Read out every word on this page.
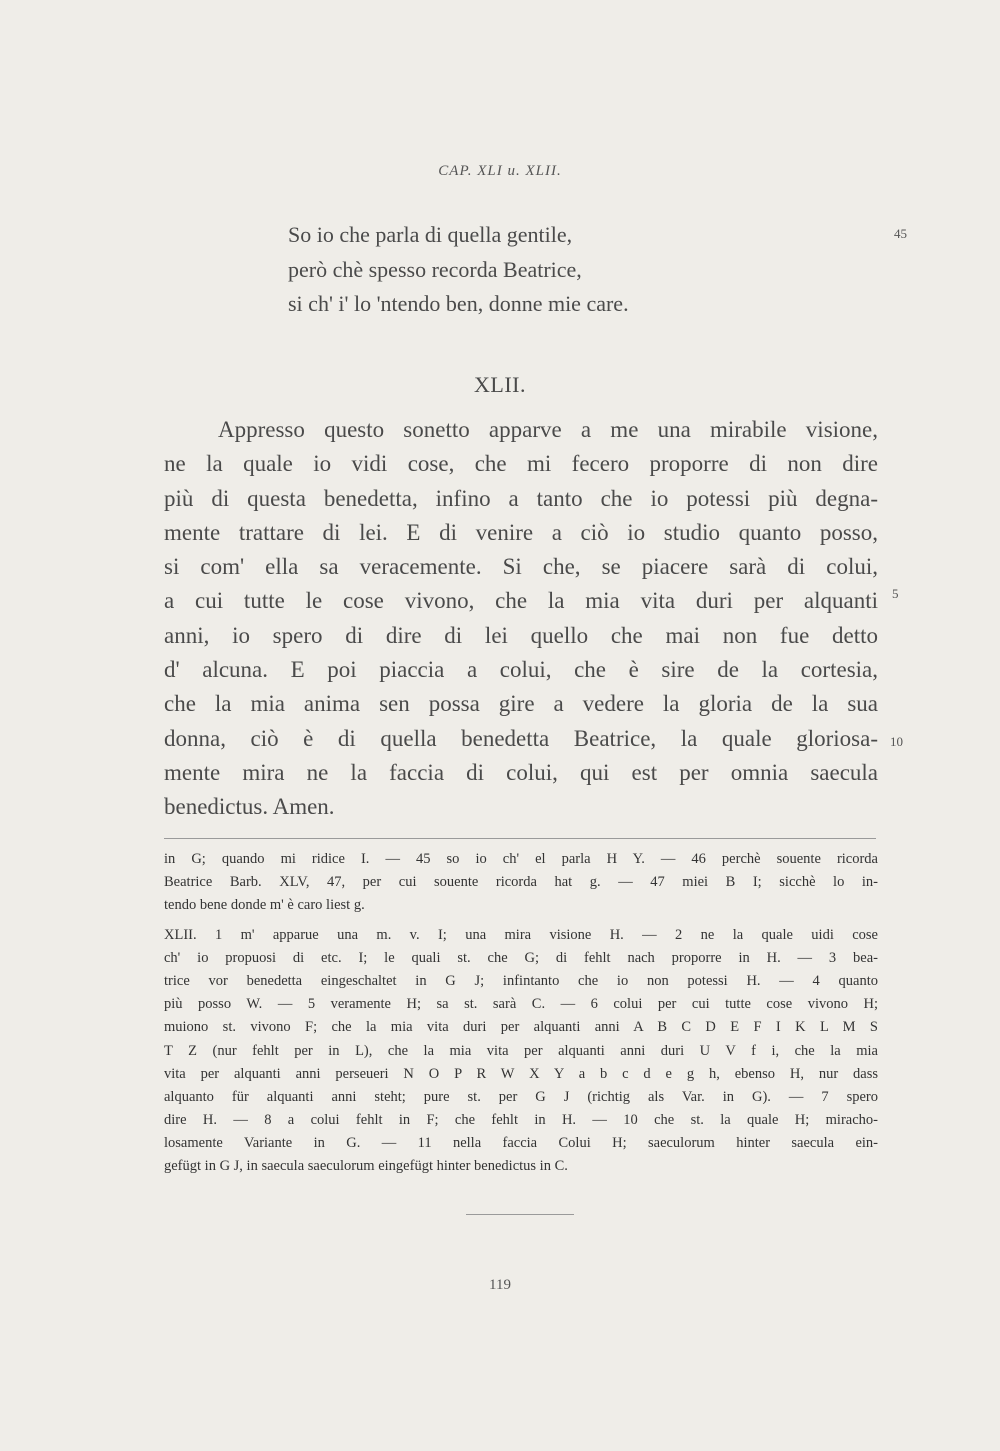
CAP. XLI u. XLII.
So io che parla di quella gentile,
però chè spesso recorda Beatrice,
si ch' i' lo 'ntendo ben, donne mie care.
45
XLII.
Appresso questo sonetto apparve a me una mirabile visione,
ne la quale io vidi cose, che mi fecero proporre di non dire
più di questa benedetta, infino a tanto che io potessi più degna-
mente trattare di lei. E di venire a ciò io studio quanto posso,
si com' ella sa veracemente. Si che, se piacere sarà di colui,
a cui tutte le cose vivono, che la mia vita duri per alquanti
anni, io spero di dire di lei quello che mai non fue detto
d' alcuna. E poi piaccia a colui, che è sire de la cortesia,
che la mia anima sen possa gire a vedere la gloria de la sua
donna, ciò è di quella benedetta Beatrice, la quale gloriosa-
mente mira ne la faccia di colui, qui est per omnia saecula
benedictus. Amen.
5
10
in G; quando mi ridice I. — 45 so io ch' el parla H Y. — 46 perchè souente ricorda
Beatrice Barb. XLV, 47, per cui souente ricorda hat g. — 47 miei B I; sicchè lo in-
tendo bene donde m' è caro liest g.
XLII. 1 m' apparue una m. v. I; una mira visione H. — 2 ne la quale uidi cose
ch' io propuosi di etc. I; le quali st. che G; di fehlt nach proporre in H. — 3 bea-
trice vor benedetta eingeschaltet in G J; infintanto che io non potessi H. — 4 quanto
più posso W. — 5 veramente H; sa st. sarà C. — 6 colui per cui tutte cose vivono H;
muiono st. vivono F; che la mia vita duri per alquanti anni A B C D E F I K L M S
T Z (nur fehlt per in L), che la mia vita per alquanti anni duri U V f i, che la mia
vita per alquanti anni perseueri N O P R W X Y a b c d e g h, ebenso H, nur dass
alquanto für alquanti anni steht; pure st. per G J (richtig als Var. in G). — 7 spero
dire H. — 8 a colui fehlt in F; che fehlt in H. — 10 che st. la quale H; miracho-
losamente Variante in G. — 11 nella faccia Colui H; saeculorum hinter saecula ein-
gefügt in G J, in saecula saeculorum eingefügt hinter benedictus in C.
119
